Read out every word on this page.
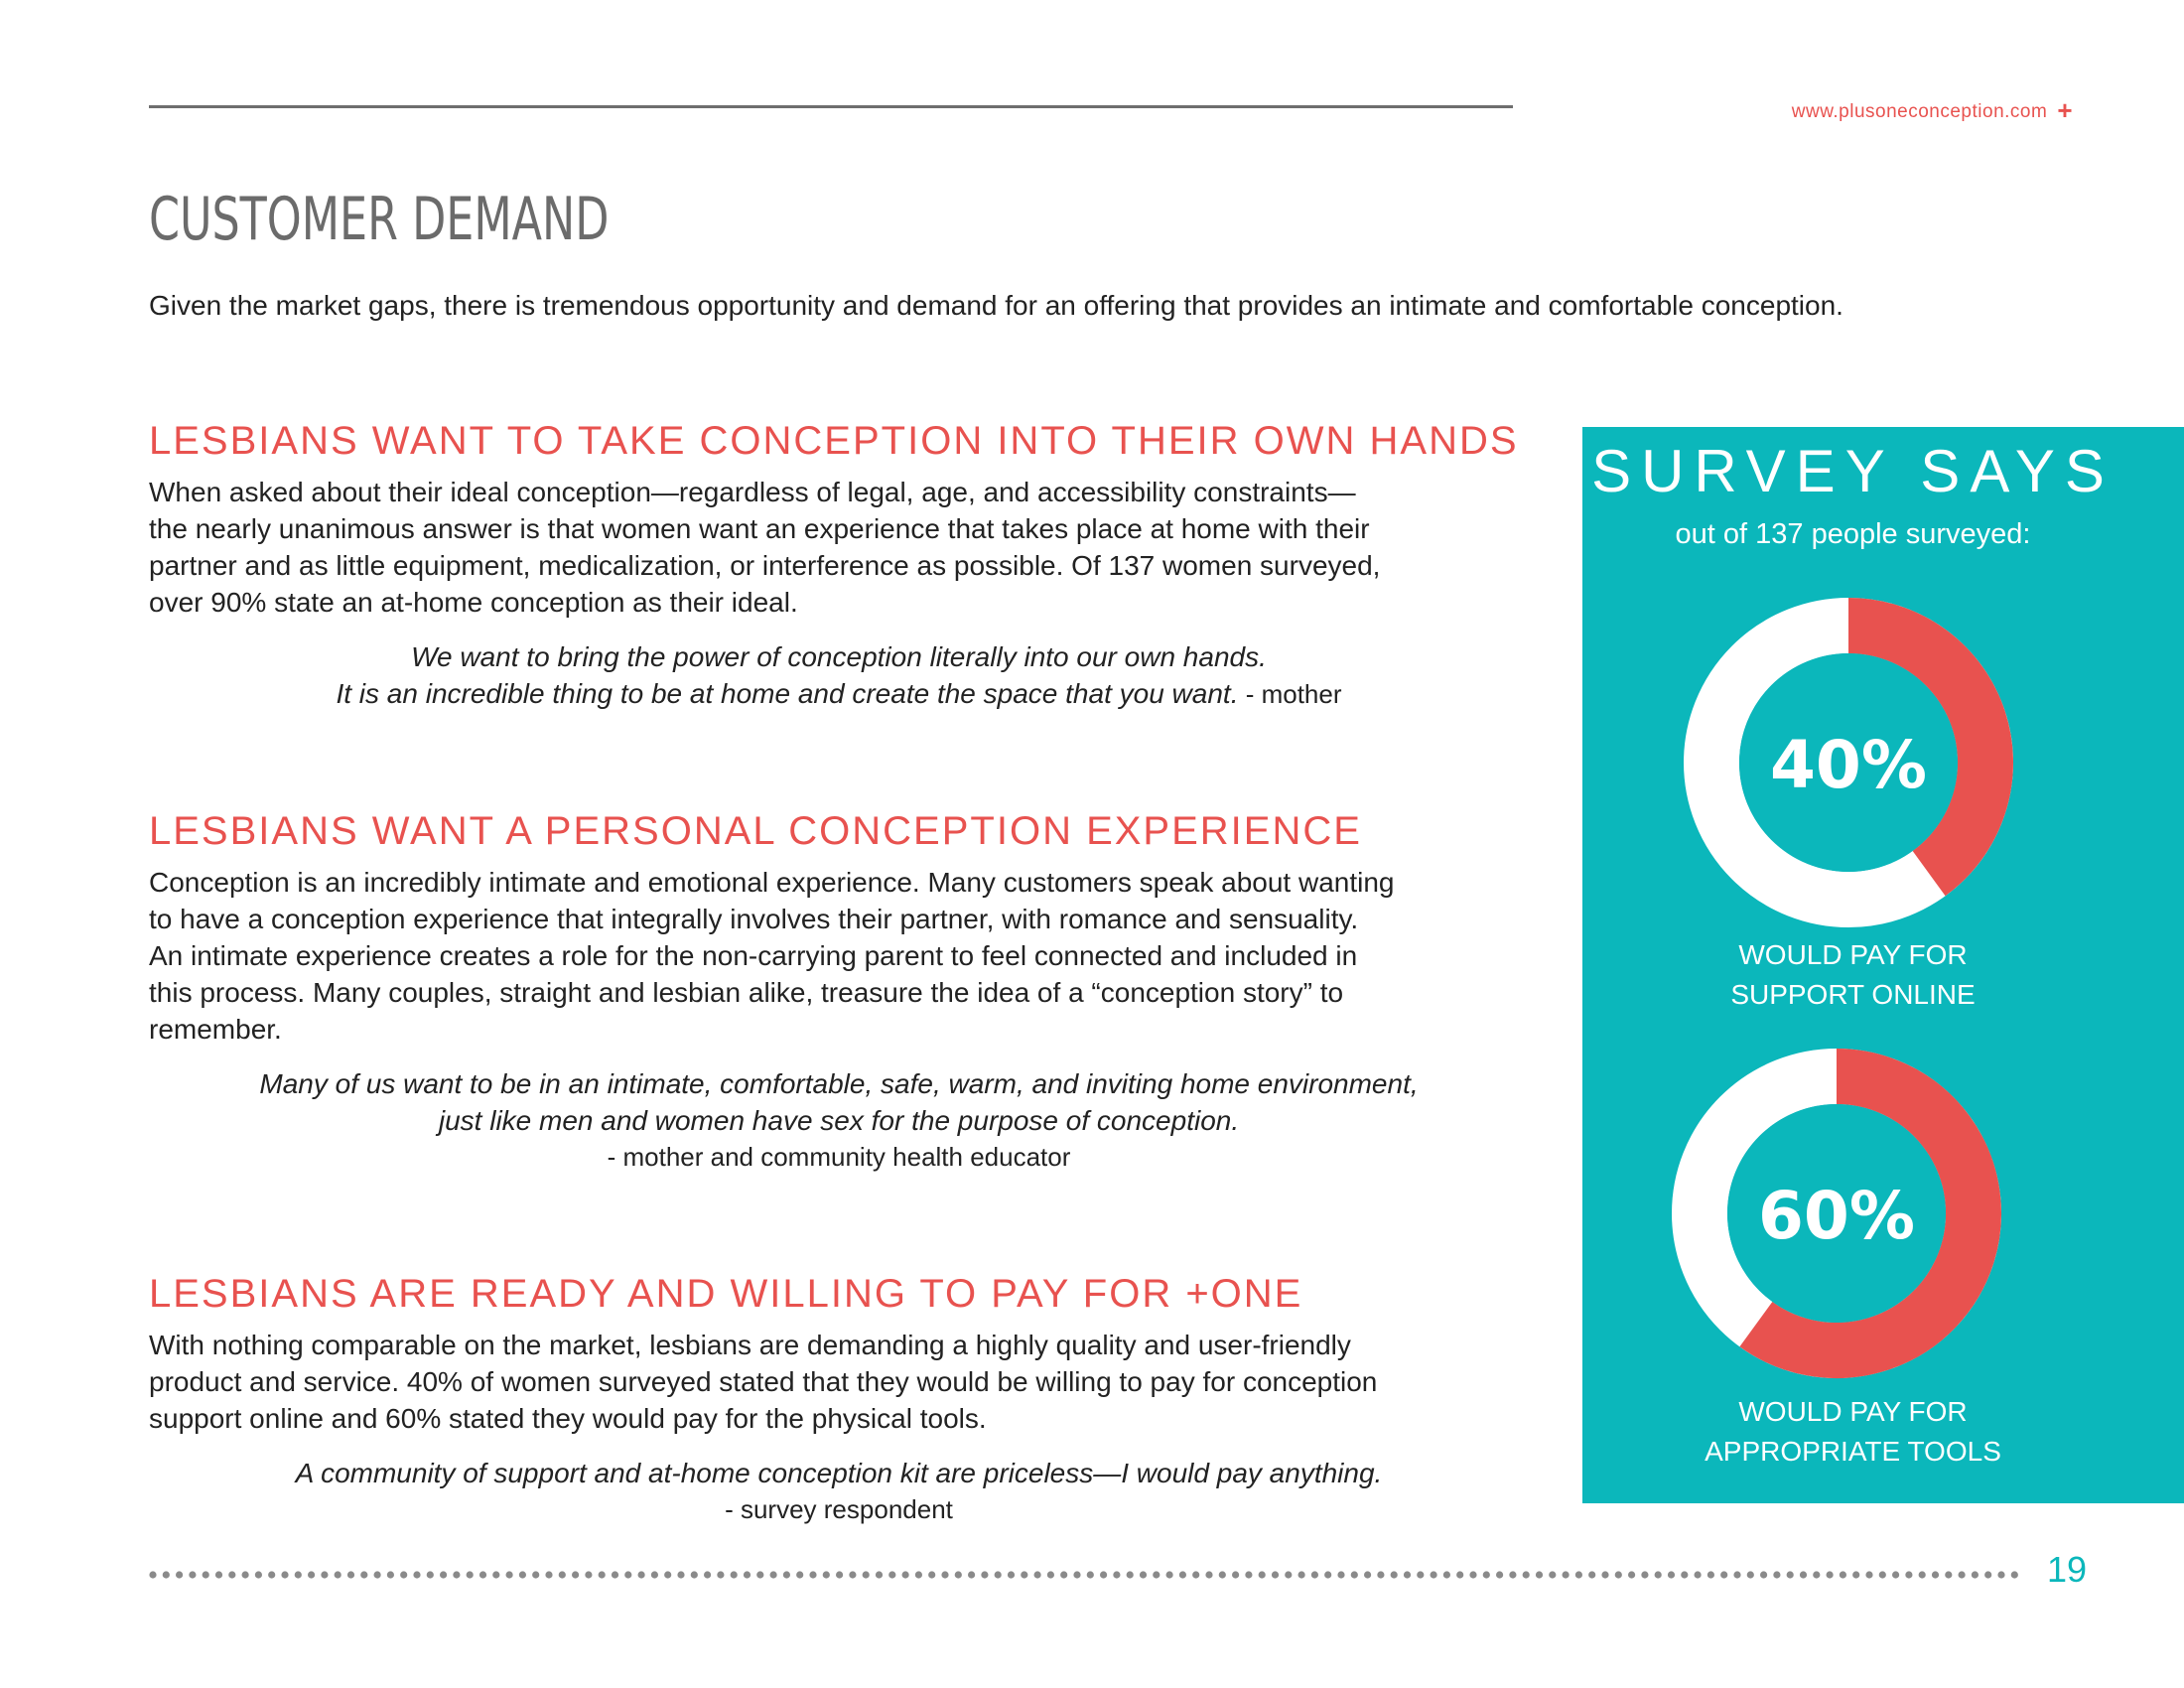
www.plusoneconception.com +
CUSTOMER DEMAND

Given the market gaps, there is tremendous opportunity and demand for an offering that provides an intimate and comfortable conception.

LESBIANS WANT TO TAKE CONCEPTION INTO THEIR OWN HANDS

When asked about their ideal conception—regardless of legal, age, and accessibility constraints—
the nearly unanimous answer is that women want an experience that takes place at home with their
partner and as little equipment, medicalization, or interference as possible. Of 137 women surveyed,
over 90% state an at-home conception as their ideal.

We want to bring the power of conception literally into our own hands.
It is an incredible thing to be at home and create the space that you want. - mother
LESBIANS WANT A PERSONAL CONCEPTION EXPERIENCE

Conception is an incredibly intimate and emotional experience. Many customers speak about wanting
to have a conception experience that integrally involves their partner, with romance and sensuality.
An intimate experience creates a role for the non-carrying parent to feel connected and included in
this process. Many couples, straight and lesbian alike, treasure the idea of a “conception story” to
remember.

Many of us want to be in an intimate, comfortable, safe, warm, and inviting home environment,
just like men and women have sex for the purpose of conception.
- mother and community health educator
LESBIANS ARE READY AND WILLING TO PAY FOR +ONE

With nothing comparable on the market, lesbians are demanding a highly quality and user-friendly
product and service. 40% of women surveyed stated that they would be willing to pay for conception
support online and 60% stated they would pay for the physical tools.

A community of support and at-home conception kit are priceless—I would pay anything.
- survey respondent
SURVEY SAYS

out of 137 people surveyed:

40%
WOULD PAY FOR
SUPPORT ONLINE
60%
WOULD PAY FOR
APPROPRIATE TOOLS
19
